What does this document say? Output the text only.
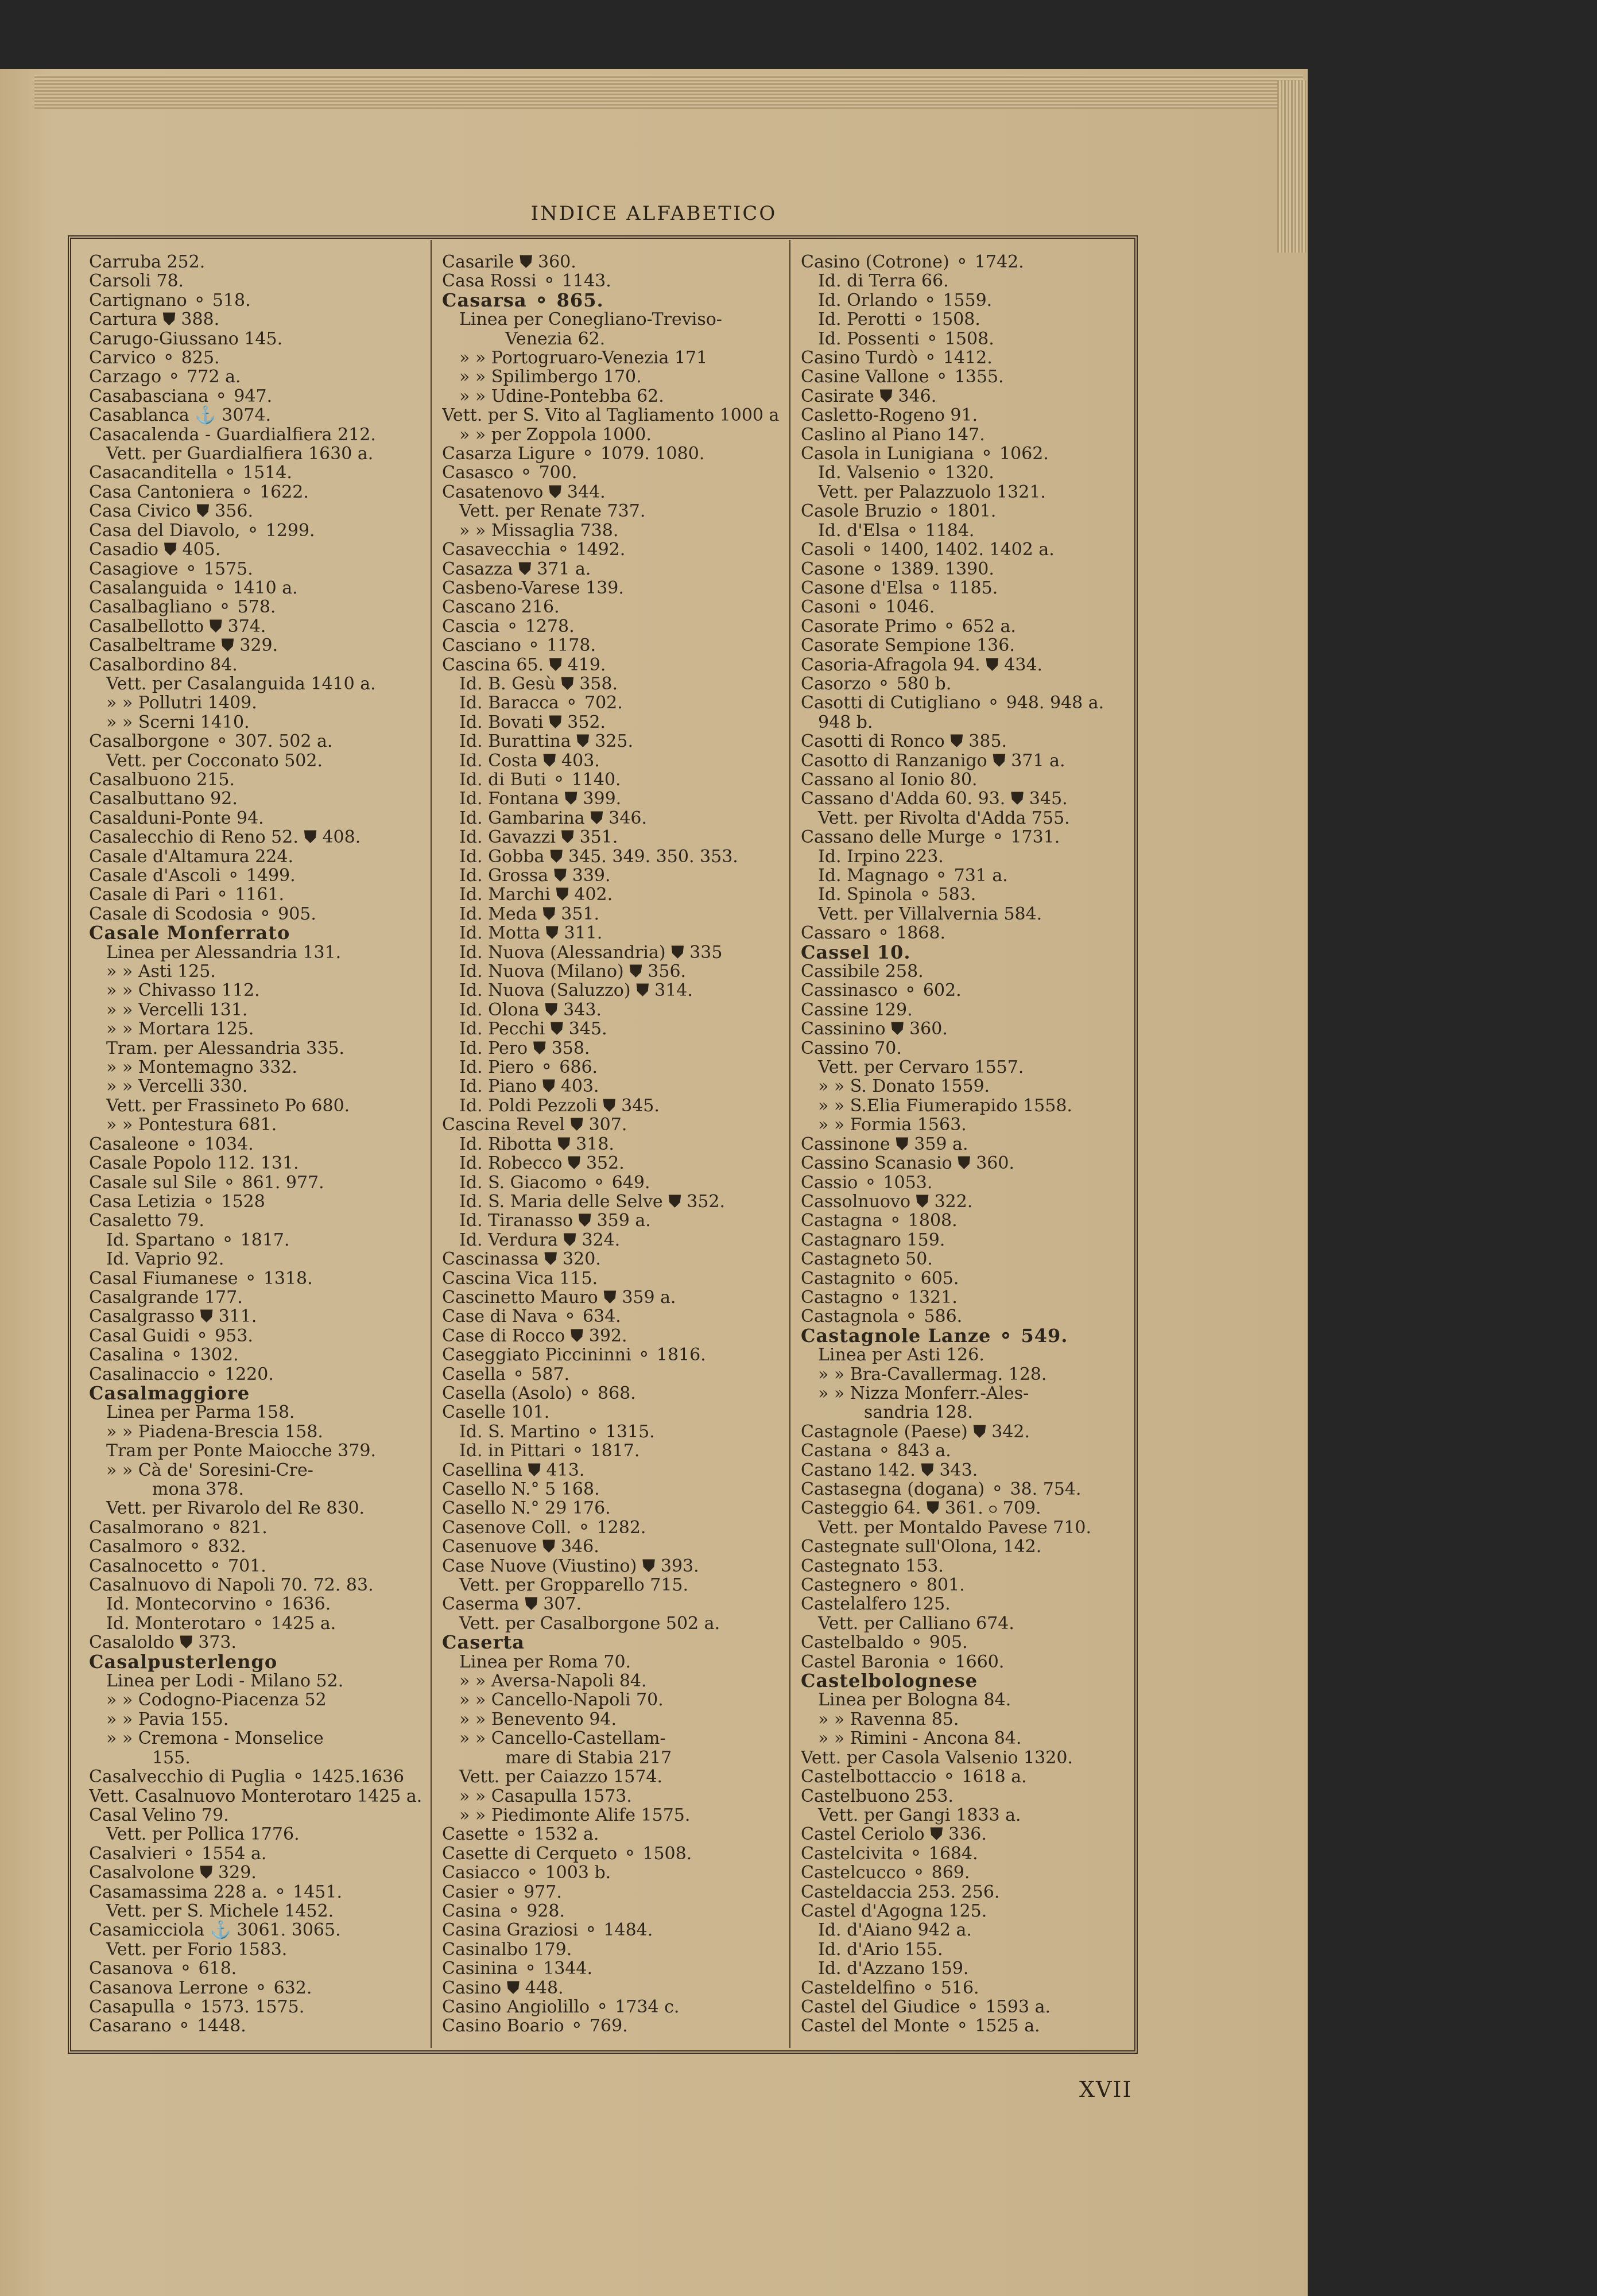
INDICE ALFABETICO
Carruba 252.
Carsoli 78.
Cartignano ⚬ 518.
Cartura ⛊ 388.
Carugo-Giussano 145.
Carvico ⚬ 825.
Carzago ⚬ 772 a.
Casabasciana ⚬ 947.
Casablanca ⚓ 3074.
Casacalenda - Guardialfiera 212.
Vett. per Guardialfiera 1630 a.
Casacanditella ⚬ 1514.
Casa Cantoniera ⚬ 1622.
Casa Civico ⛊ 356.
Casa del Diavolo, ⚬ 1299.
Casadio ⛊ 405.
Casagiove ⚬ 1575.
Casalanguida ⚬ 1410 a.
Casalbagliano ⚬ 578.
Casalbellotto ⛊ 374.
Casalbeltrame ⛊ 329.
Casalbordino 84.
Vett. per Casalanguida 1410 a.
» » Pollutri 1409.
» » Scerni 1410.
Casalborgone ⚬ 307. 502 a.
Vett. per Cocconato 502.
Casalbuono 215.
Casalbuttano 92.
Casalduni-Ponte 94.
Casalecchio di Reno 52. ⛊ 408.
Casale d'Altamura 224.
Casale d'Ascoli ⚬ 1499.
Casale di Pari ⚬ 1161.
Casale di Scodosia ⚬ 905.
Casale Monferrato
Linea per Alessandria 131.
» » Asti 125.
» » Chivasso 112.
» » Vercelli 131.
» » Mortara 125.
Tram. per Alessandria 335.
» » Montemagno 332.
» » Vercelli 330.
Vett. per Frassineto Po 680.
» » Pontestura 681.
Casaleone ⚬ 1034.
Casale Popolo 112. 131.
Casale sul Sile ⚬ 861. 977.
Casa Letizia ⚬ 1528
Casaletto 79.
Id. Spartano ⚬ 1817.
Id. Vaprio 92.
Casal Fiumanese ⚬ 1318.
Casalgrande 177.
Casalgrasso ⛊ 311.
Casal Guidi ⚬ 953.
Casalina ⚬ 1302.
Casalinaccio ⚬ 1220.
Casalmaggiore
Linea per Parma 158.
» » Piadena-Brescia 158.
Tram per Ponte Maiocche 379.
» » Cà de' Soresini-Cre-
mona 378.
Vett. per Rivarolo del Re 830.
Casalmorano ⚬ 821.
Casalmoro ⚬ 832.
Casalnocetto ⚬ 701.
Casalnuovo di Napoli 70. 72. 83.
Id. Montecorvino ⚬ 1636.
Id. Monterotaro ⚬ 1425 a.
Casaloldo ⛊ 373.
Casalpusterlengo
Linea per Lodi - Milano 52.
» » Codogno-Piacenza 52
» » Pavia 155.
» » Cremona - Monselice
155.
Casalvecchio di Puglia ⚬ 1425.1636
Vett. Casalnuovo Monterotaro 1425 a.
Casal Velino 79.
Vett. per Pollica 1776.
Casalvieri ⚬ 1554 a.
Casalvolone ⛊ 329.
Casamassima 228 a. ⚬ 1451.
Vett. per S. Michele 1452.
Casamicciola ⚓ 3061. 3065.
Vett. per Forio 1583.
Casanova ⚬ 618.
Casanova Lerrone ⚬ 632.
Casapulla ⚬ 1573. 1575.
Casarano ⚬ 1448.
Casarile ⛊ 360.
Casa Rossi ⚬ 1143.
Casarsa ⚬ 865.
Linea per Conegliano-Treviso-
Venezia 62.
» » Portogruaro-Venezia 171
» » Spilimbergo 170.
» » Udine-Pontebba 62.
Vett. per S. Vito al Tagliamento 1000 a
» » per Zoppola 1000.
Casarza Ligure ⚬ 1079. 1080.
Casasco ⚬ 700.
Casatenovo ⛊ 344.
Vett. per Renate 737.
» » Missaglia 738.
Casavecchia ⚬ 1492.
Casazza ⛊ 371 a.
Casbeno-Varese 139.
Cascano 216.
Cascia ⚬ 1278.
Casciano ⚬ 1178.
Cascina 65. ⛊ 419.
Id. B. Gesù ⛊ 358.
Id. Baracca ⚬ 702.
Id. Bovati ⛊ 352.
Id. Burattina ⛊ 325.
Id. Costa ⛊ 403.
Id. di Buti ⚬ 1140.
Id. Fontana ⛊ 399.
Id. Gambarina ⛊ 346.
Id. Gavazzi ⛊ 351.
Id. Gobba ⛊ 345. 349. 350. 353.
Id. Grossa ⛊ 339.
Id. Marchi ⛊ 402.
Id. Meda ⛊ 351.
Id. Motta ⛊ 311.
Id. Nuova (Alessandria) ⛊ 335
Id. Nuova (Milano) ⛊ 356.
Id. Nuova (Saluzzo) ⛊ 314.
Id. Olona ⛊ 343.
Id. Pecchi ⛊ 345.
Id. Pero ⛊ 358.
Id. Piero ⚬ 686.
Id. Piano ⛊ 403.
Id. Poldi Pezzoli ⛊ 345.
Cascina Revel ⛊ 307.
Id. Ribotta ⛊ 318.
Id. Robecco ⛊ 352.
Id. S. Giacomo ⚬ 649.
Id. S. Maria delle Selve ⛊ 352.
Id. Tiranasso ⛊ 359 a.
Id. Verdura ⛊ 324.
Cascinassa ⛊ 320.
Cascina Vica 115.
Cascinetto Mauro ⛊ 359 a.
Case di Nava ⚬ 634.
Case di Rocco ⛊ 392.
Caseggiato Piccininni ⚬ 1816.
Casella ⚬ 587.
Casella (Asolo) ⚬ 868.
Caselle 101.
Id. S. Martino ⚬ 1315.
Id. in Pittari ⚬ 1817.
Casellina ⛊ 413.
Casello N.° 5 168.
Casello N.° 29 176.
Casenove Coll. ⚬ 1282.
Casenuove ⛊ 346.
Case Nuove (Viustino) ⛊ 393.
Vett. per Gropparello 715.
Caserma ⛊ 307.
Vett. per Casalborgone 502 a.
Caserta
Linea per Roma 70.
» » Aversa-Napoli 84.
» » Cancello-Napoli 70.
» » Benevento 94.
» » Cancello-Castellam-
mare di Stabia 217
Vett. per Caiazzo 1574.
» » Casapulla 1573.
» » Piedimonte Alife 1575.
Casette ⚬ 1532 a.
Casette di Cerqueto ⚬ 1508.
Casiacco ⚬ 1003 b.
Casier ⚬ 977.
Casina ⚬ 928.
Casina Graziosi ⚬ 1484.
Casinalbo 179.
Casinina ⚬ 1344.
Casino ⛊ 448.
Casino Angiolillo ⚬ 1734 c.
Casino Boario ⚬ 769.
Casino (Cotrone) ⚬ 1742.
Id. di Terra 66.
Id. Orlando ⚬ 1559.
Id. Perotti ⚬ 1508.
Id. Possenti ⚬ 1508.
Casino Turdò ⚬ 1412.
Casine Vallone ⚬ 1355.
Casirate ⛊ 346.
Casletto-Rogeno 91.
Caslino al Piano 147.
Casola in Lunigiana ⚬ 1062.
Id. Valsenio ⚬ 1320.
Vett. per Palazzuolo 1321.
Casole Bruzio ⚬ 1801.
Id. d'Elsa ⚬ 1184.
Casoli ⚬ 1400, 1402. 1402 a.
Casone ⚬ 1389. 1390.
Casone d'Elsa ⚬ 1185.
Casoni ⚬ 1046.
Casorate Primo ⚬ 652 a.
Casorate Sempione 136.
Casoria-Afragola 94. ⛊ 434.
Casorzo ⚬ 580 b.
Casotti di Cutigliano ⚬ 948. 948 a.
948 b.
Casotti di Ronco ⛊ 385.
Casotto di Ranzanigo ⛊ 371 a.
Cassano al Ionio 80.
Cassano d'Adda 60. 93. ⛊ 345.
Vett. per Rivolta d'Adda 755.
Cassano delle Murge ⚬ 1731.
Id. Irpino 223.
Id. Magnago ⚬ 731 a.
Id. Spinola ⚬ 583.
Vett. per Villalvernia 584.
Cassaro ⚬ 1868.
Cassel 10.
Cassibile 258.
Cassinasco ⚬ 602.
Cassine 129.
Cassinino ⛊ 360.
Cassino 70.
Vett. per Cervaro 1557.
» » S. Donato 1559.
» » S.Elia Fiumerapido 1558.
» » Formia 1563.
Cassinone ⛊ 359 a.
Cassino Scanasio ⛊ 360.
Cassio ⚬ 1053.
Cassolnuovo ⛊ 322.
Castagna ⚬ 1808.
Castagnaro 159.
Castagneto 50.
Castagnito ⚬ 605.
Castagno ⚬ 1321.
Castagnola ⚬ 586.
Castagnole Lanze ⚬ 549.
Linea per Asti 126.
» » Bra-Cavallermag. 128.
» » Nizza Monferr.-Ales-
sandria 128.
Castagnole (Paese) ⛊ 342.
Castana ⚬ 843 a.
Castano 142. ⛊ 343.
Castasegna (dogana) ⚬ 38. 754.
Casteggio 64. ⛊ 361. ⚬ 709.
Vett. per Montaldo Pavese 710.
Castegnate sull'Olona, 142.
Castegnato 153.
Castegnero ⚬ 801.
Castelalfero 125.
Vett. per Calliano 674.
Castelbaldo ⚬ 905.
Castel Baronia ⚬ 1660.
Castelbolognese
Linea per Bologna 84.
» » Ravenna 85.
» » Rimini - Ancona 84.
Vett. per Casola Valsenio 1320.
Castelbottaccio ⚬ 1618 a.
Castelbuono 253.
Vett. per Gangi 1833 a.
Castel Ceriolo ⛊ 336.
Castelcivita ⚬ 1684.
Castelcucco ⚬ 869.
Casteldaccia 253. 256.
Castel d'Agogna 125.
Id. d'Aiano 942 a.
Id. d'Ario 155.
Id. d'Azzano 159.
Casteldelfino ⚬ 516.
Castel del Giudice ⚬ 1593 a.
Castel del Monte ⚬ 1525 a.
XVII
